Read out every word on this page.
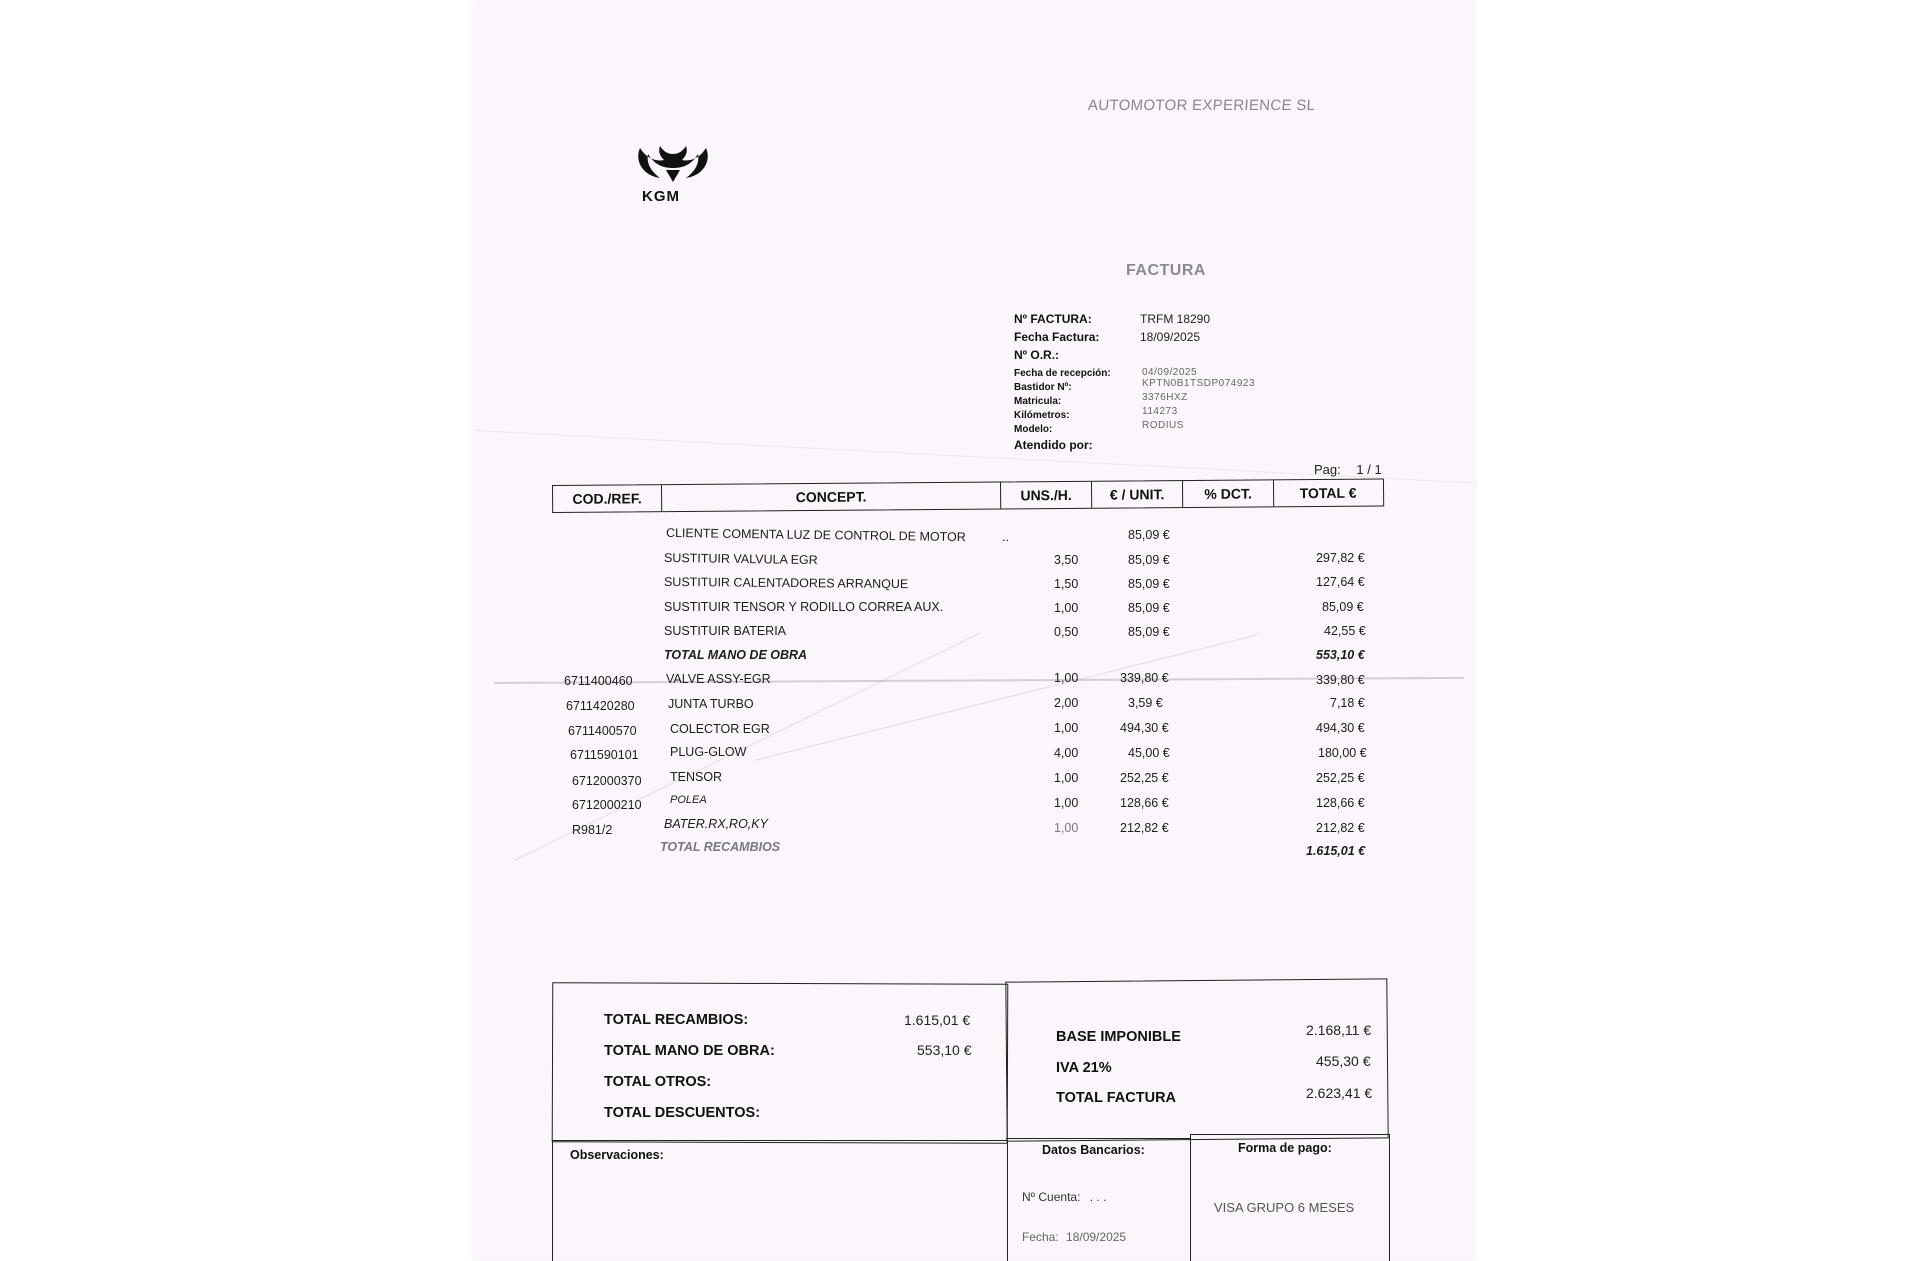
AUTOMOTOR EXPERIENCE SL
KGM
FACTURA
Nº FACTURA:	TRFM 18290
Fecha Factura:	18/09/2025
Nº O.R.:
Fecha de recepción:	04/09/2025
Bastidor Nº:	KPTN0B1TSDP074923
Matricula:	3376HXZ
Kilómetros:	114273
Modelo:	RODIUS
Atendido por:
Pag: 1 / 1
COD./REF.	CONCEPT.	UNS./H.	€ / UNIT.	% DCT.	TOTAL €
CLIENTE COMENTA LUZ DE CONTROL DE MOTOR	..	85,09 €
SUSTITUIR VALVULA EGR	3,50	85,09 €	297,82 €
SUSTITUIR CALENTADORES ARRANQUE	1,50	85,09 €	127,64 €
SUSTITUIR TENSOR Y RODILLO CORREA AUX.	1,00	85,09 €	85,09 €
SUSTITUIR BATERIA	0,50	85,09 €	42,55 €
TOTAL MANO DE OBRA	553,10 €
6711400460	VALVE ASSY-EGR	1,00	339,80 €	339,80 €
6711420280	JUNTA TURBO	2,00	3,59 €	7,18 €
6711400570	COLECTOR EGR	1,00	494,30 €	494,30 €
6711590101	PLUG-GLOW	4,00	45,00 €	180,00 €
6712000370 TENSOR	1,00	252,25 €	252,25 €
6712000210	POLEA	1,00	128,66 €	128,66 €
R981/2	BATER.RX,RO,KY	1,00	212,82 €	212,82 €
TOTAL RECAMBIOS	1.615,01 €
TOTAL RECAMBIOS:	1.615,01 €
TOTAL MANO DE OBRA:	553,10 €
TOTAL OTROS:
TOTAL DESCUENTOS:
BASE IMPONIBLE	2.168,11 €
IVA 21%	455,30 €
TOTAL FACTURA	2.623,41 €
Observaciones:	Datos Bancarios:
Nº Cuenta: . . .
Fecha: 18/09/2025
Forma de pago:
VISA GRUPO 6 MESES
